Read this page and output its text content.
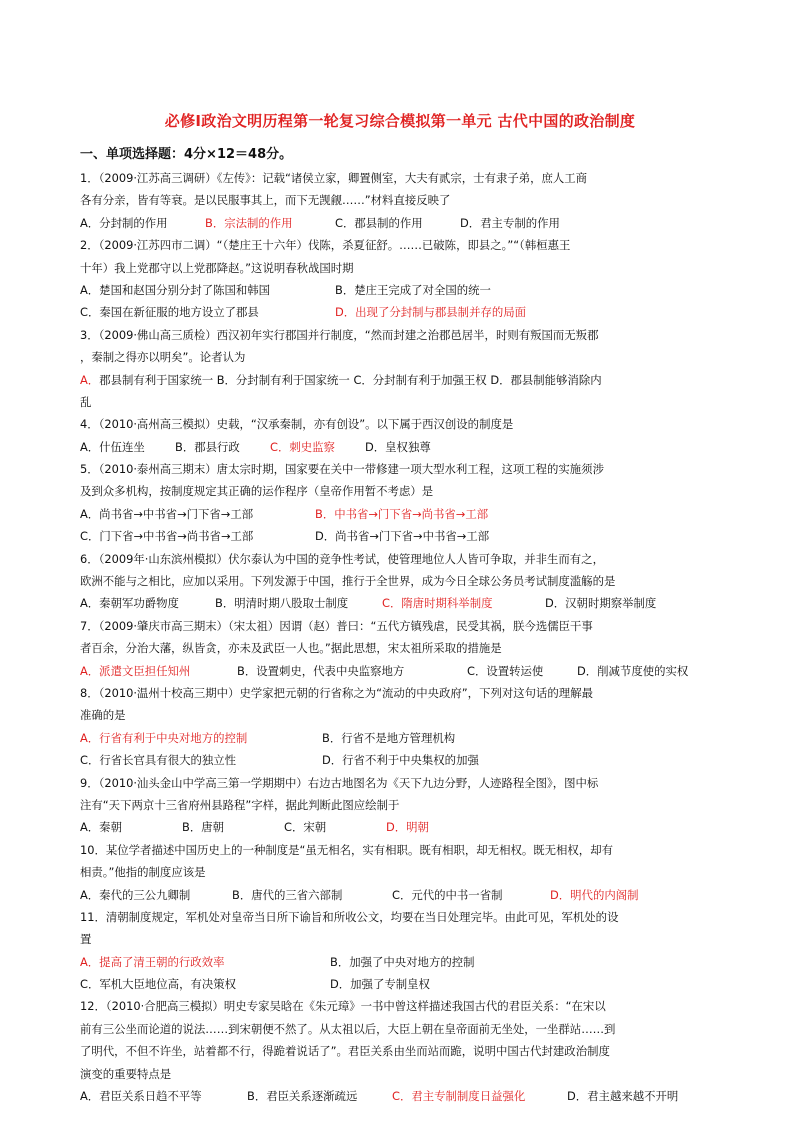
必修Ⅰ政治文明历程第一轮复习综合模拟第一单元 古代中国的政治制度
一、单项选择题：4分×12＝48分。
1．（2009·江苏高三调研）《左传》：记载“诸侯立家，卿置侧室，大夫有贰宗，士有隶子弟，庶人工商
各有分亲，皆有等衰。是以民服事其上，而下无觊觎……”材料直接反映了
A．分封制的作用	B．宗法制的作用	C．郡县制的作用	D．君主专制的作用
2．（2009·江苏四市二调）“（楚庄王十六年）伐陈，杀夏征舒。……已破陈，即县之。”“（韩桓惠王
十年）我上党郡守以上党郡降赵。”这说明春秋战国时期
A．楚国和赵国分别分封了陈国和韩国	B．楚庄王完成了对全国的统一
C．秦国在新征服的地方设立了郡县	D．出现了分封制与郡县制并存的局面
3．（2009·佛山高三质检）西汉初年实行郡国并行制度，“然而封建之治郡邑居半，时则有叛国而无叛郡
，秦制之得亦以明矣”。论者认为
A．郡县制有利于国家统一 B．分封制有利于国家统一 C．分封制有利于加强王权 D．郡县制能够消除内
乱
4．（2010·高州高三模拟）史载，“汉承秦制，亦有创设”。以下属于西汉创设的制度是
A．什伍连坐	B．郡县行政	C．刺史监察	D．皇权独尊
5．（2010·泰州高三期末）唐太宗时期，国家要在关中一带修建一项大型水利工程，这项工程的实施须涉
及到众多机构，按制度规定其正确的运作程序（皇帝作用暂不考虑）是
A．尚书省→中书省→门下省→工部	B．中书省→门下省→尚书省→工部
C．门下省→中书省→尚书省→工部	D．尚书省→门下省→中书省→工部
6．（2009年·山东滨州模拟）伏尔泰认为中国的竞争性考试，使管理地位人人皆可争取，并非生而有之，
欧洲不能与之相比，应加以采用。下列发源于中国，推行于全世界，成为今日全球公务员考试制度滥觞的是
A．秦朝军功爵物度	B．明清时期八股取士制度	C．隋唐时期科举制度	D．汉朝时期察举制度
7．（2009·肇庆市高三期末）（宋太祖）因谓（赵）普曰：“五代方镇残虐，民受其祸，朕今选儒臣干事
者百余，分治大藩，纵皆贪，亦未及武臣一人也。”据此思想，宋太祖所采取的措施是
A．派遣文臣担任知州	B．设置刺史，代表中央监察地方	C．设置转运使	D．削减节度使的实权
8．（2010·温州十校高三期中）史学家把元朝的行省称之为“流动的中央政府”，下列对这句话的理解最
准确的是
A．行省有利于中央对地方的控制	B．行省不是地方管理机构
C．行省长官具有很大的独立性	D．行省不利于中央集权的加强
9．（2010·汕头金山中学高三第一学期期中）右边古地图名为《天下九边分野，人迹路程全图》，图中标
注有“天下两京十三省府州县路程”字样，据此判断此图应绘制于
A．秦朝	B．唐朝	C．宋朝	D．明朝
10．某位学者描述中国历史上的一种制度是“虽无相名，实有相职。既有相职，却无相权。既无相权，却有
相责。”他指的制度应该是
A．秦代的三公九卿制	B．唐代的三省六部制	C．元代的中书一省制	D．明代的内阁制
11．清朝制度规定，军机处对皇帝当日所下谕旨和所收公文，均要在当日处理完毕。由此可见，军机处的设
置
A．提高了清王朝的行政效率	B．加强了中央对地方的控制
C．军机大臣地位高，有决策权	D．加强了专制皇权
12．（2010·合肥高三模拟）明史专家吴晗在《朱元璋》一书中曾这样描述我国古代的君臣关系：“在宋以
前有三公坐而论道的说法……到宋朝便不然了。从太祖以后，大臣上朝在皇帝面前无坐处，一坐群站……到
了明代，不但不许坐，站着都不行，得跪着说话了”。君臣关系由坐而站而跪，说明中国古代封建政治制度
演变的重要特点是
A．君臣关系日趋不平等	B．君臣关系逐渐疏远	C．君主专制制度日益强化	D．君主越来越不开明
